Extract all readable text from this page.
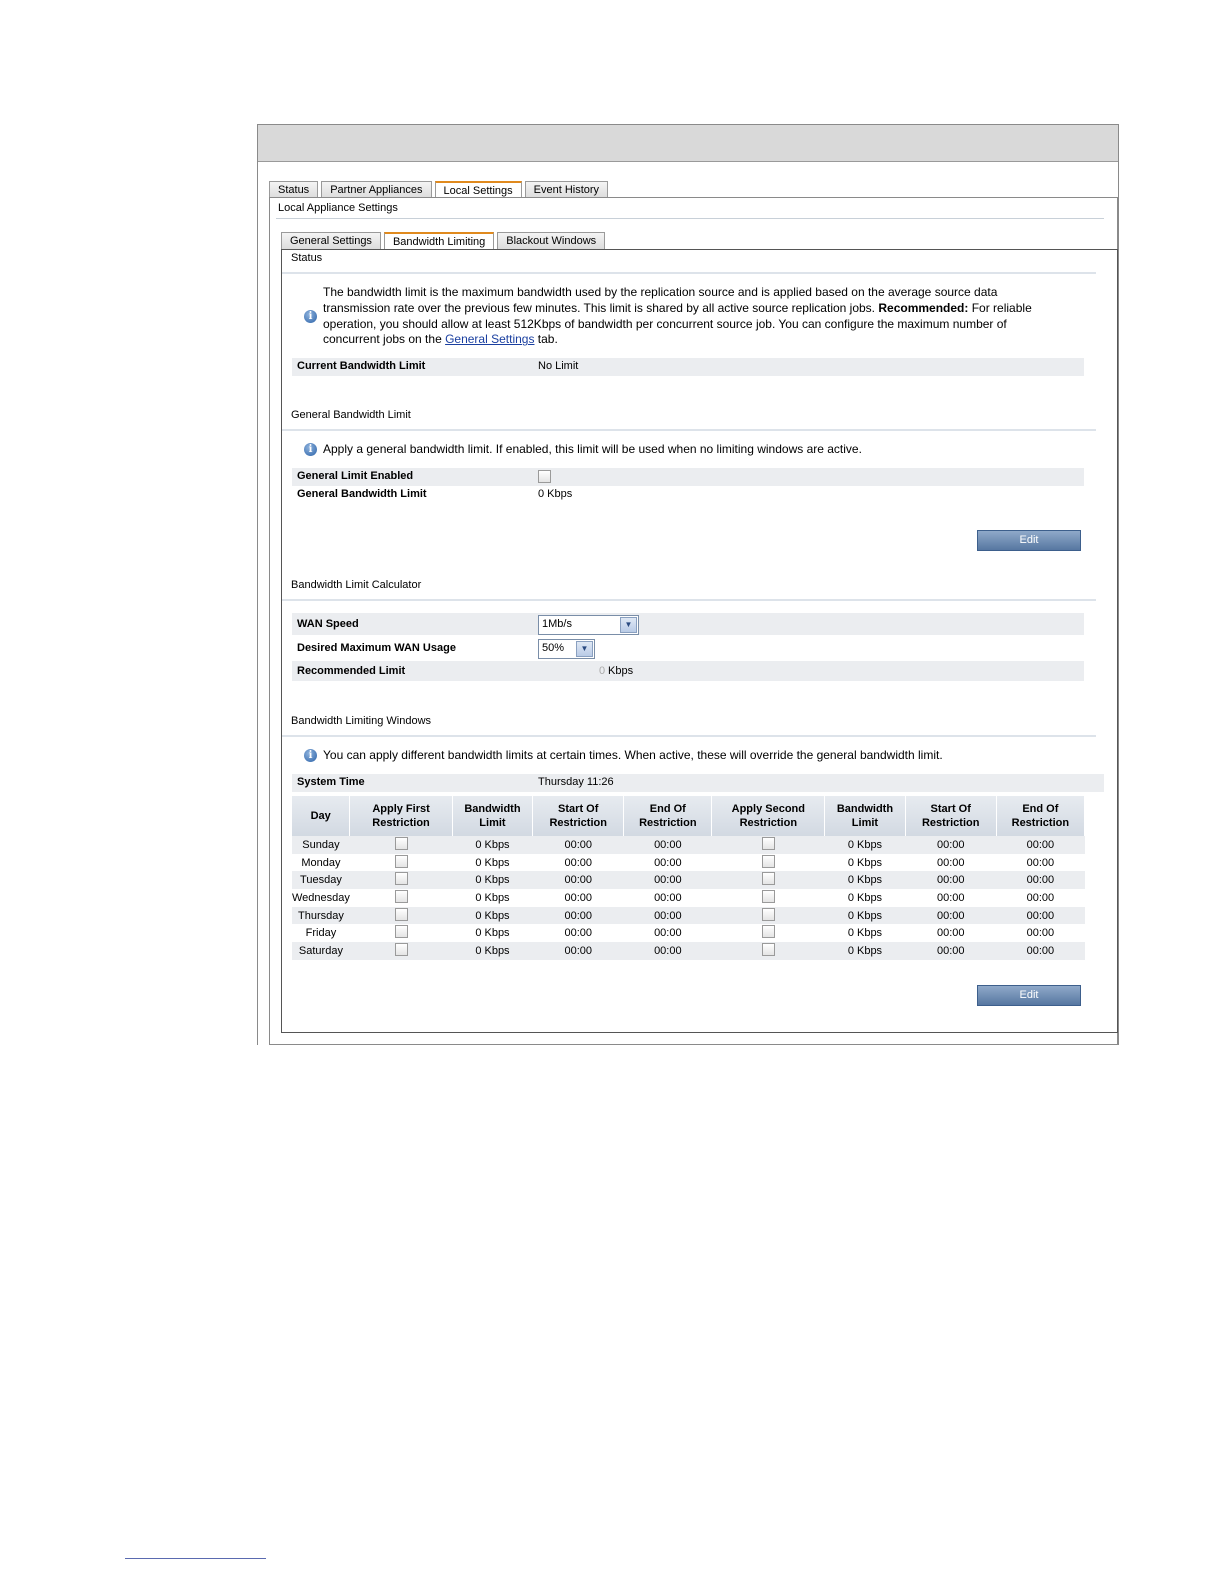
Status	Partner Appliances	Local Settings	Event History
Local Appliance Settings
General Settings	Bandwidth Limiting	Blackout Windows
Status
i
The bandwidth limit is the maximum bandwidth used by the replication source and is applied based on the average source data transmission rate over the previous few minutes. This limit is shared by all active source replication jobs. Recommended: For reliable operation, you should allow at least 512Kbps of bandwidth per concurrent source job. You can configure the maximum number of concurrent jobs on the General Settings tab.
Current Bandwidth Limit	No Limit
General Bandwidth Limit
i Apply a general bandwidth limit. If enabled, this limit will be used when no limiting windows are active.
General Limit Enabled
General Bandwidth Limit	0 Kbps
Edit
Bandwidth Limit Calculator
WAN Speed	1Mb/s	▼
Desired Maximum WAN Usage	50%	▼
Recommended Limit	0 Kbps
Bandwidth Limiting Windows
i You can apply different bandwidth limits at certain times. When active, these will override the general bandwidth limit.
System Time	Thursday 11:26
Day	Apply First Restriction	Bandwidth Limit	Start Of Restriction	End Of Restriction	Apply Second Restriction	Bandwidth Limit	Start Of Restriction	End Of Restriction
Sunday		0 Kbps	00:00	00:00		0 Kbps	00:00	00:00
Monday		0 Kbps	00:00	00:00		0 Kbps	00:00	00:00
Tuesday		0 Kbps	00:00	00:00		0 Kbps	00:00	00:00
Wednesday		0 Kbps	00:00	00:00		0 Kbps	00:00	00:00
Thursday		0 Kbps	00:00	00:00		0 Kbps	00:00	00:00
Friday		0 Kbps	00:00	00:00		0 Kbps	00:00	00:00
Saturday		0 Kbps	00:00	00:00		0 Kbps	00:00	00:00
Edit
